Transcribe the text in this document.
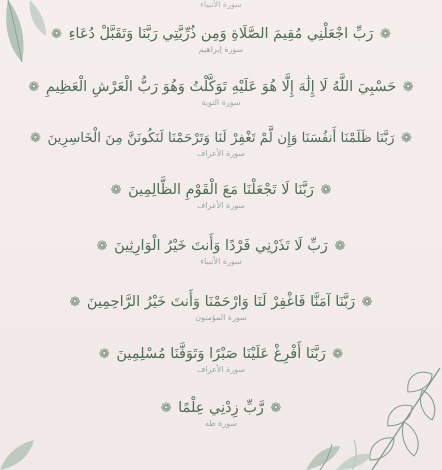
سورة الأنبياء
❁
رَبِّ اجْعَلْنِي مُقِيمَ الصَّلَاةِ وَمِن ذُرِّيَّتِي رَبَّنَا وَتَقَبَّلْ دُعَاءِ
❁
سورة إبراهيم
❁
حَسْبِيَ اللَّهُ لَا إِلَٰهَ إِلَّا هُوَ عَلَيْهِ تَوَكَّلْتُ وَهُوَ رَبُّ الْعَرْشِ الْعَظِيمِ
❁
سورة التوبة
❁
رَبَّنَا ظَلَمْنَا أَنفُسَنَا وَإِن لَّمْ تَغْفِرْ لَنَا وَتَرْحَمْنَا لَنَكُونَنَّ مِنَ الْخَاسِرِينَ
❁
سورة الأعراف
❁
رَبَّنَا لَا تَجْعَلْنَا مَعَ الْقَوْمِ الظَّالِمِينَ
❁
سورة الأعراف
❁
رَبِّ لَا تَذَرْنِي فَرْدًا وَأَنتَ خَيْرُ الْوَارِثِينَ
❁
سورة الأنبياء
❁
رَبَّنَا آمَنَّا فَاغْفِرْ لَنَا وَارْحَمْنَا وَأَنتَ خَيْرُ الرَّاحِمِينَ
❁
سورة المؤمنون
❁
رَبَّنَا أَفْرِغْ عَلَيْنَا صَبْرًا وَتَوَفَّنَا مُسْلِمِينَ
❁
سورة الأعراف
❁
رَّبِّ زِدْنِي عِلْمًا
❁
سورة طه
